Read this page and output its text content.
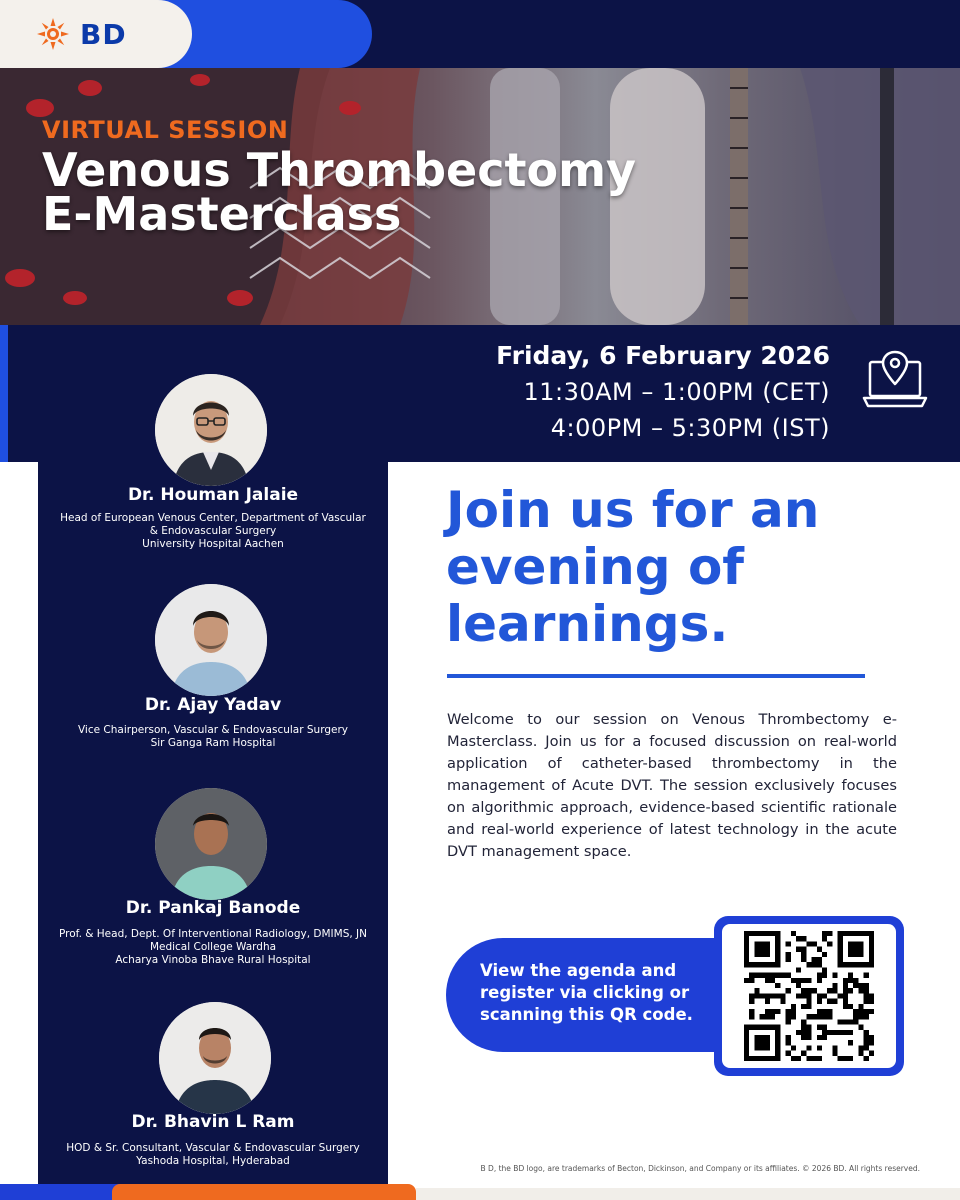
BD
VIRTUAL SESSION
Venous Thrombectomy
E-Masterclass
Friday, 6 February 2026
11:30AM – 1:00PM (CET)
4:00PM – 5:30PM (IST)
Dr. Houman Jalaie
Head of European Venous Center, Department of Vascular
& Endovascular Surgery
University Hospital Aachen
Dr. Ajay Yadav
Vice Chairperson, Vascular & Endovascular Surgery
Sir Ganga Ram Hospital
Dr. Pankaj Banode
Prof. & Head, Dept. Of Interventional Radiology, DMIMS, JN
Medical College Wardha
Acharya Vinoba Bhave Rural Hospital
Dr. Bhavin L Ram
HOD & Sr. Consultant, Vascular & Endovascular Surgery
Yashoda Hospital, Hyderabad
Join us for an
evening of
learnings.

Welcome to our session on Venous Thrombectomy e-Masterclass. Join us for a focused discussion on real-world application of catheter-based thrombectomy in the management of Acute DVT. The session exclusively focuses on algorithmic approach, evidence-based scientific rationale and real-world experience of latest technology in the acute DVT management space.

View the agenda and
register via clicking or
scanning this QR code.
B D, the BD logo, are trademarks of Becton, Dickinson, and Company or its affiliates. © 2026 BD. All rights reserved.
